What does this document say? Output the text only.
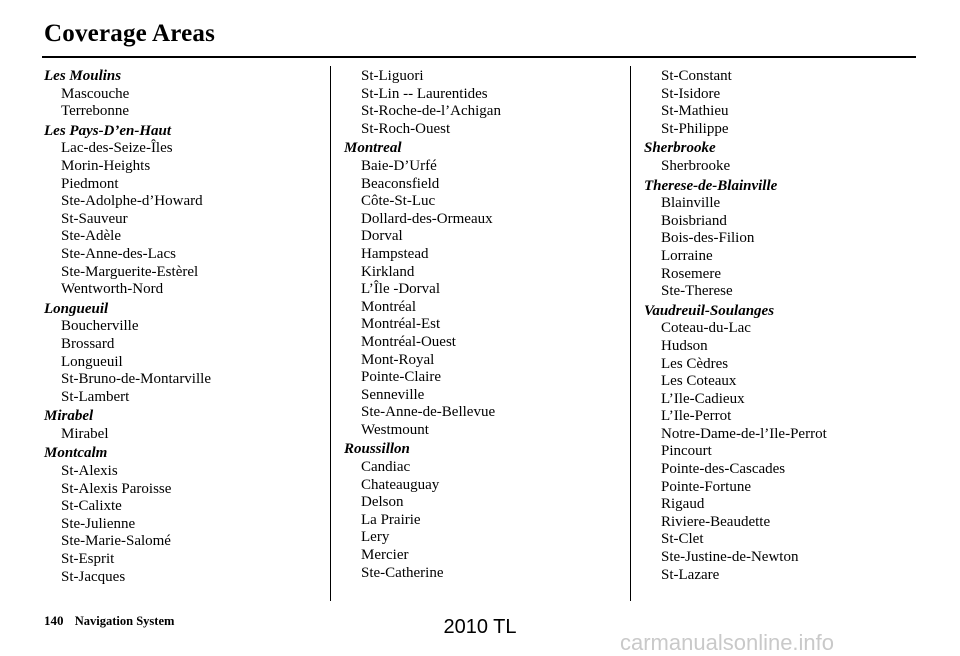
Coverage Areas
Les Moulins
Mascouche
Terrebonne
Les Pays-D’en-Haut
Lac-des-Seize-Îles
Morin-Heights
Piedmont
Ste-Adolphe-d’Howard
St-Sauveur
Ste-Adèle
Ste-Anne-des-Lacs
Ste-Marguerite-Estèrel
Wentworth-Nord
Longueuil
Boucherville
Brossard
Longueuil
St-Bruno-de-Montarville
St-Lambert
Mirabel
Mirabel
Montcalm
St-Alexis
St-Alexis Paroisse
St-Calixte
Ste-Julienne
Ste-Marie-Salomé
St-Esprit
St-Jacques
St-Liguori
St-Lin -- Laurentides
St-Roche-de-l’Achigan
St-Roch-Ouest
Montreal
Baie-D’Urfé
Beaconsfield
Côte-St-Luc
Dollard-des-Ormeaux
Dorval
Hampstead
Kirkland
L’Île -Dorval
Montréal
Montréal-Est
Montréal-Ouest
Mont-Royal
Pointe-Claire
Senneville
Ste-Anne-de-Bellevue
Westmount
Roussillon
Candiac
Chateauguay
Delson
La Prairie
Lery
Mercier
Ste-Catherine
St-Constant
St-Isidore
St-Mathieu
St-Philippe
Sherbrooke
Sherbrooke
Therese-de-Blainville
Blainville
Boisbriand
Bois-des-Filion
Lorraine
Rosemere
Ste-Therese
Vaudreuil-Soulanges
Coteau-du-Lac
Hudson
Les Cèdres
Les Coteaux
L’Ile-Cadieux
L’Ile-Perrot
Notre-Dame-de-l’Ile-Perrot
Pincourt
Pointe-des-Cascades
Pointe-Fortune
Rigaud
Riviere-Beaudette
St-Clet
Ste-Justine-de-Newton
St-Lazare
140 Navigation System	2010 TL
carmanualsonline.info
